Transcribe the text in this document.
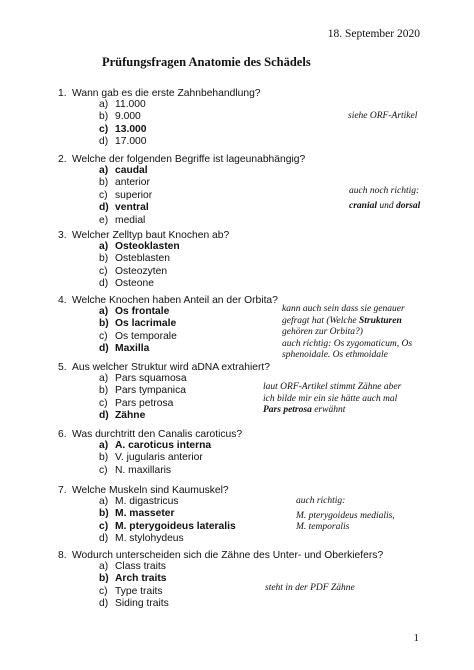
18. September 2020
Prüfungsfragen Anatomie des Schädels
1. Wann gab es die erste Zahnbehandlung?
a) 11.000
b) 9.000
c) 13.000
d) 17.000
2. Welche der folgenden Begriffe ist lageunabhängig?
a) caudal
b) anterior
c) superior
d) ventral
e) medial
3. Welcher Zelltyp baut Knochen ab?
a) Osteoklasten
b) Osteblasten
c) Osteozyten
d) Osteone
4. Welche Knochen haben Anteil an der Orbita?
a) Os frontale
b) Os lacrimale
c) Os temporale
d) Maxilla
5. Aus welcher Struktur wird aDNA extrahiert?
a) Pars squamosa
b) Pars tympanica
c) Pars petrosa
d) Zähne
6. Was durchtritt den Canalis caroticus?
a) A. caroticus interna
b) V. jugularis anterior
c) N. maxillaris
7. Welche Muskeln sind Kaumuskel?
a) M. digastricus
b) M. masseter
c) M. pterygoideus lateralis
d) M. stylohydeus
8. Wodurch unterscheiden sich die Zähne des Unter- und Oberkiefers?
a) Class traits
b) Arch traits
c) Type traits
d) Siding traits
siehe ORF-Artikel
auch noch richtig:
cranial und dorsal
kann auch sein dass sie genauer
gefragt hat (Welche Strukturen
gehören zur Orbita?)
auch richtig: Os zygomaticum, Os
sphenoidale. Os ethmoidale
laut ORF-Artikel stimmt Zähne aber
ich bilde mir ein sie hätte auch mal
Pars petrosa erwähnt
auch richtig:
M. pterygoideus medialis,
M. temporalis
steht in der PDF Zähne
1
